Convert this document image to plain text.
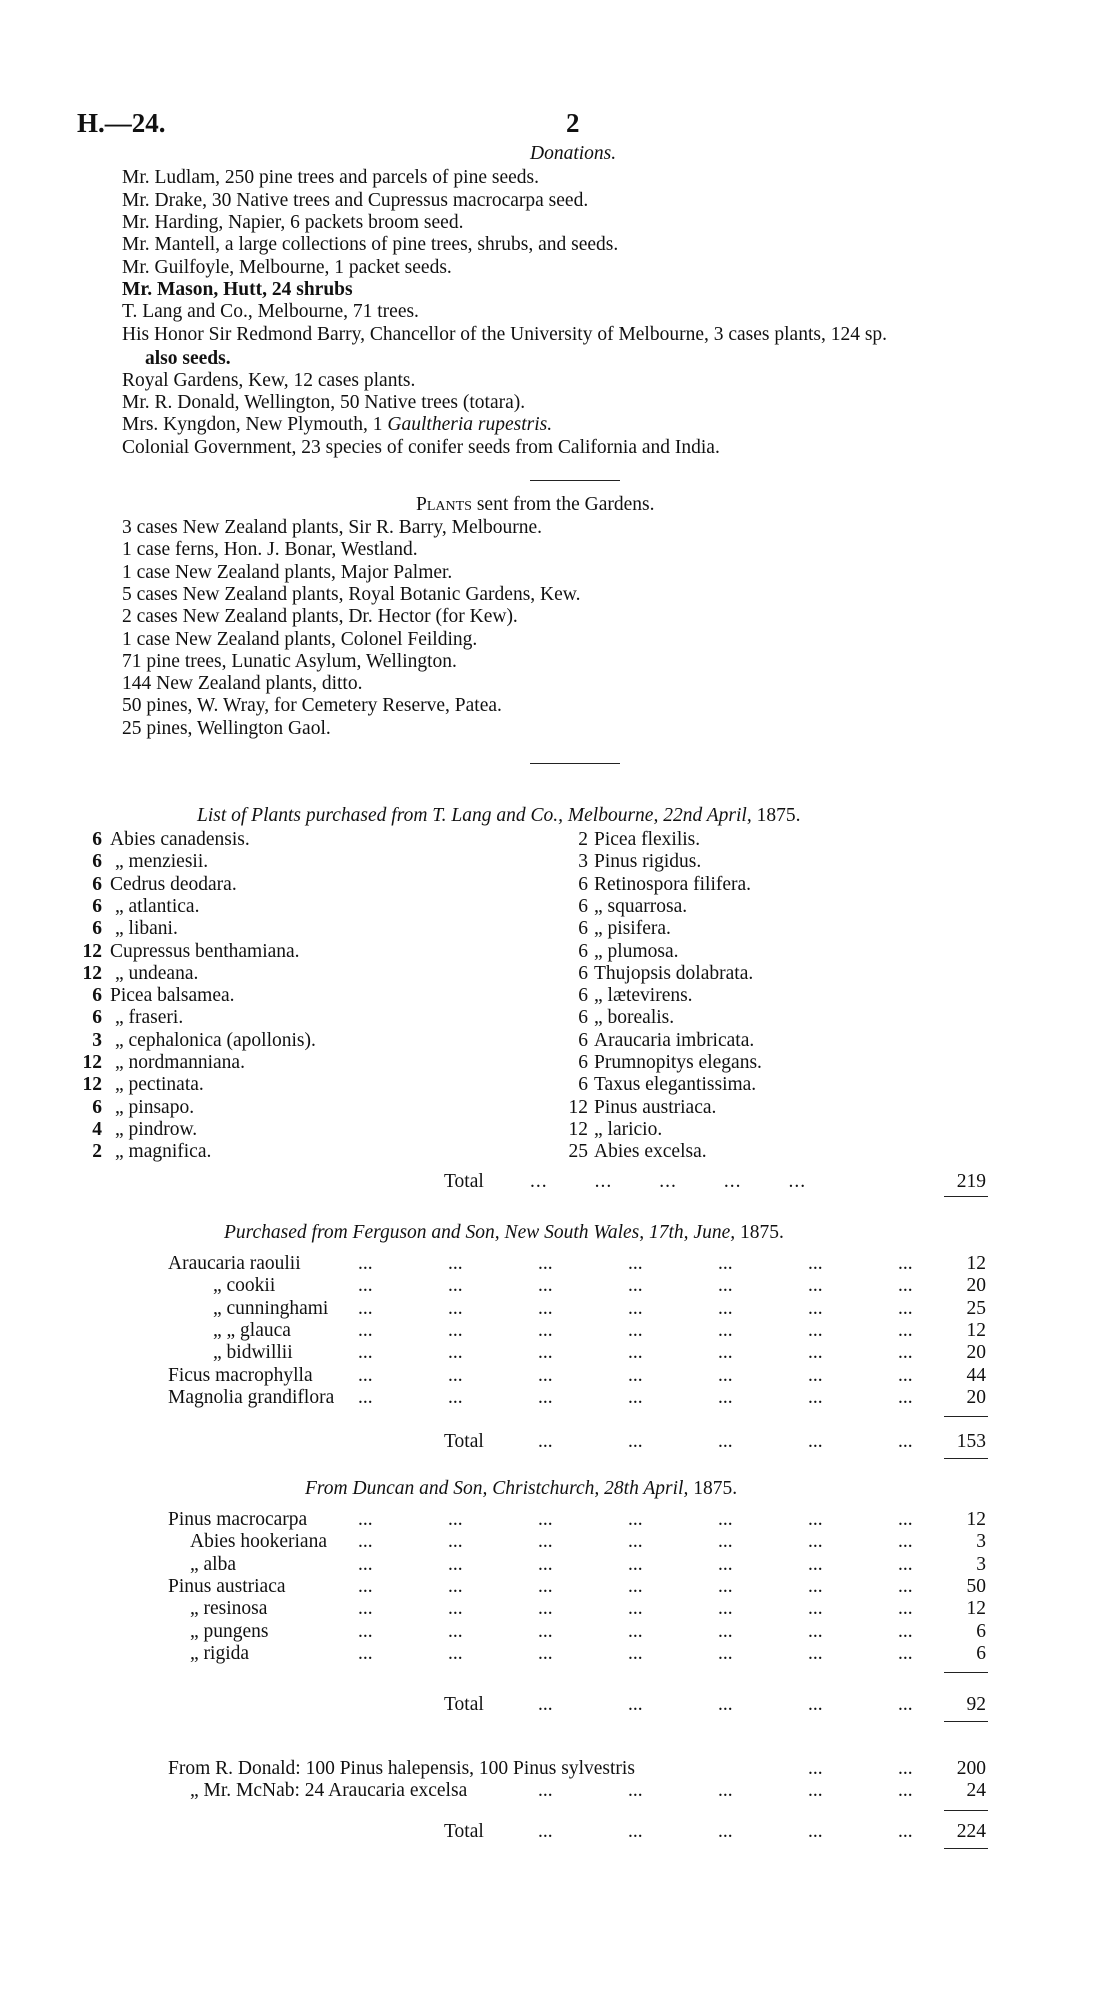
H.—24.	2
Donations.
Mr. Ludlam, 250 pine trees and parcels of pine seeds.
Mr. Drake, 30 Native trees and Cupressus macrocarpa seed.
Mr. Harding, Napier, 6 packets broom seed.
Mr. Mantell, a large collections of pine trees, shrubs, and seeds.
Mr. Guilfoyle, Melbourne, 1 packet seeds.
Mr. Mason, Hutt, 24 shrubs
T. Lang and Co., Melbourne, 71 trees.
His Honor Sir Redmond Barry, Chancellor of the University of Melbourne, 3 cases plants, 124 sp.
also seeds.
Royal Gardens, Kew, 12 cases plants.
Mr. R. Donald, Wellington, 50 Native trees (totara).
Colonial Government, 23 species of conifer seeds from California and India.
Mrs. Kyngdon, New Plymouth, 1 Gaultheria rupestris.
Plants sent from the Gardens.
3 cases New Zealand plants, Sir R. Barry, Melbourne.
1 case ferns, Hon. J. Bonar, Westland.
1 case New Zealand plants, Major Palmer.
5 cases New Zealand plants, Royal Botanic Gardens, Kew.
2 cases New Zealand plants, Dr. Hector (for Kew).
1 case New Zealand plants, Colonel Feilding.
71 pine trees, Lunatic Asylum, Wellington.
144 New Zealand plants, ditto.
50 pines, W. Wray, for Cemetery Reserve, Patea.
25 pines, Wellington Gaol.
List of Plants purchased from T. Lang and Co., Melbourne, 22nd April, 1875.
6 Abies canadensis.
6 „ menziesii.
6 Cedrus deodara.
6 „ atlantica.
6 „ libani.
12 Cupressus benthamiana.
12 „ undeana.
6 Picea balsamea.
6 „ fraseri.
3 „ cephalonica (apollonis).
12 „ nordmanniana.
12 „ pectinata.
6 „ pinsapo.
4 „ pindrow.
2 „ magnifica.
2 Picea flexilis.
3 Pinus rigidus.
6 Retinospora filifera.
6 „ squarrosa.
6 „ pisifera.
6 „ plumosa.
6 Thujopsis dolabrata.
6 „ lætevirens.
6 „ borealis.
6 Araucaria imbricata.
6 Prumnopitys elegans.
6 Taxus elegantissima.
12 Pinus austriaca.
12 „ laricio.
25 Abies excelsa.
Total ...        ...        ...        ...        ...	219
Purchased from Ferguson and Son, New South Wales, 17th, June, 1875.
Araucaria raoulii	...	...	...	...	...	...	...	12
„ cookii	...	...	...	...	...	...	...	20
„ cunninghami ...	...	...	...	...	...	...	25
„ „ glauca	...	...	...	...	...	...	...	12
„ bidwillii	...	...	...	...	...	...	...	20
Ficus macrophylla ...	...	...	...	...	...	...	44
Magnolia grandiflora ...	...	...	...	...	...	...	20
Total	...	...	...	...	...	153
From Duncan and Son, Christchurch, 28th April, 1875.
Pinus macrocarpa	...	...	...	...	...	...	...	12
Abies hookeriana ...	...	...	...	...	...	...	3
„ alba	...	...	...	...	...	...	...	3
Pinus austriaca	...	...	...	...	...	...	...	50
„ resinosa	...	...	...	...	...	...	...	12
„ pungens	...	...	...	...	...	...	...	6
„ rigida	...	...	...	...	...	...	...	6
Total	...	...	...	...	...	92
From R. Donald: 100 Pinus halepensis, 100 Pinus sylvestris	...	...	200
„ Mr. McNab: 24 Araucaria excelsa	...	...	...	...	...	24
Total	...	...	...	...	...	224
